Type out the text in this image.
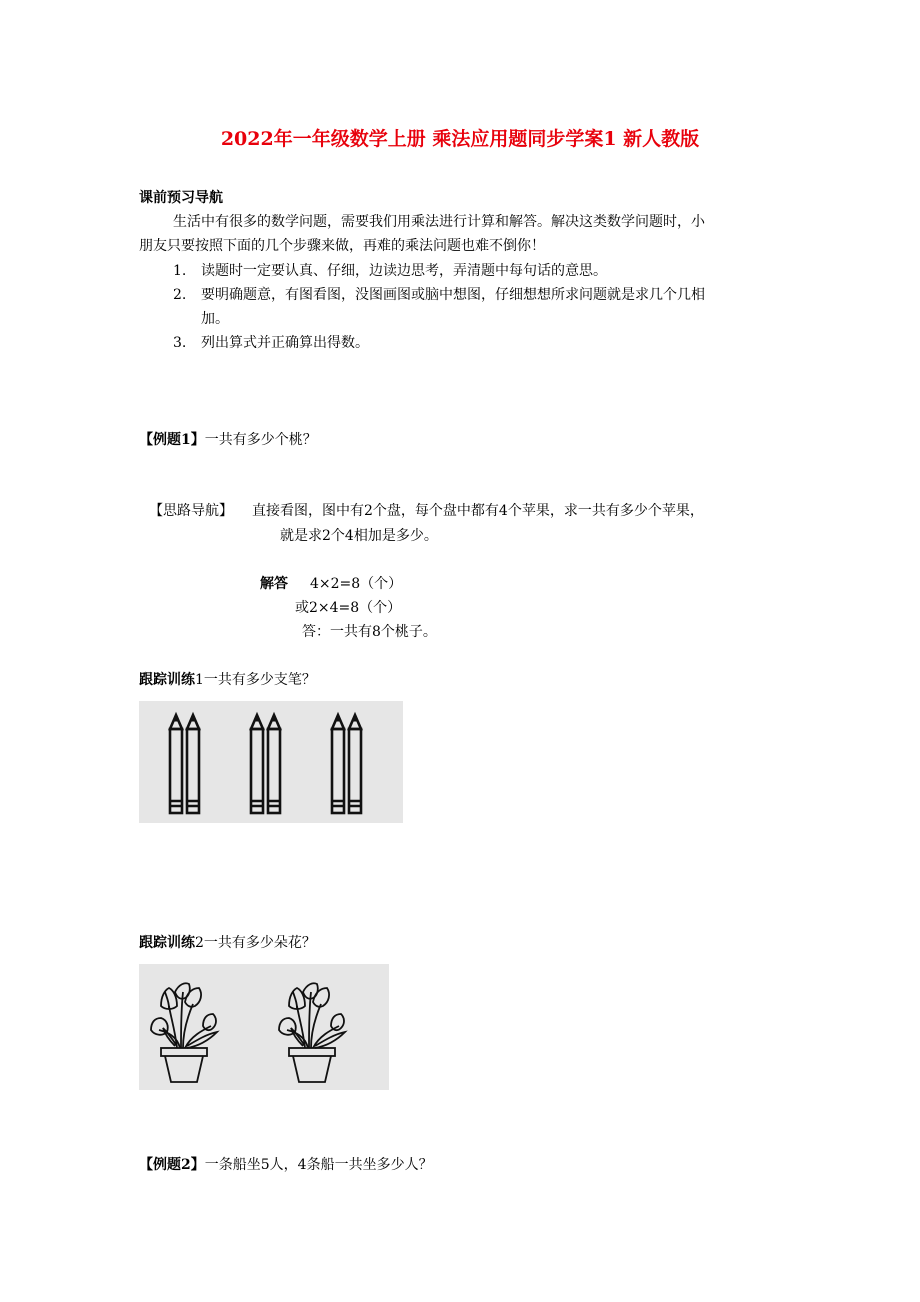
2022年一年级数学上册 乘法应用题同步学案1 新人教版
课前预习导航
生活中有很多的数学问题，需要我们用乘法进行计算和解答。解决这类数学问题时，小
朋友只要按照下面的几个步骤来做，再难的乘法问题也难不倒你！
1. 读题时一定要认真、仔细，边读边思考，弄清题中每句话的意思。
2. 要明确题意，有图看图，没图画图或脑中想图，仔细想想所求问题就是求几个几相
加。
3. 列出算式并正确算出得数。
【例题1】一共有多少个桃？
【思路导航】 直接看图，图中有2个盘，每个盘中都有4个苹果，求一共有多少个苹果，
就是求2个4相加是多少。
解答 4×2=8（个）
或2×4=8（个）
答：一共有8个桃子。
跟踪训练1一共有多少支笔？
跟踪训练2一共有多少朵花？
【例题2】一条船坐5人，4条船一共坐多少人？
